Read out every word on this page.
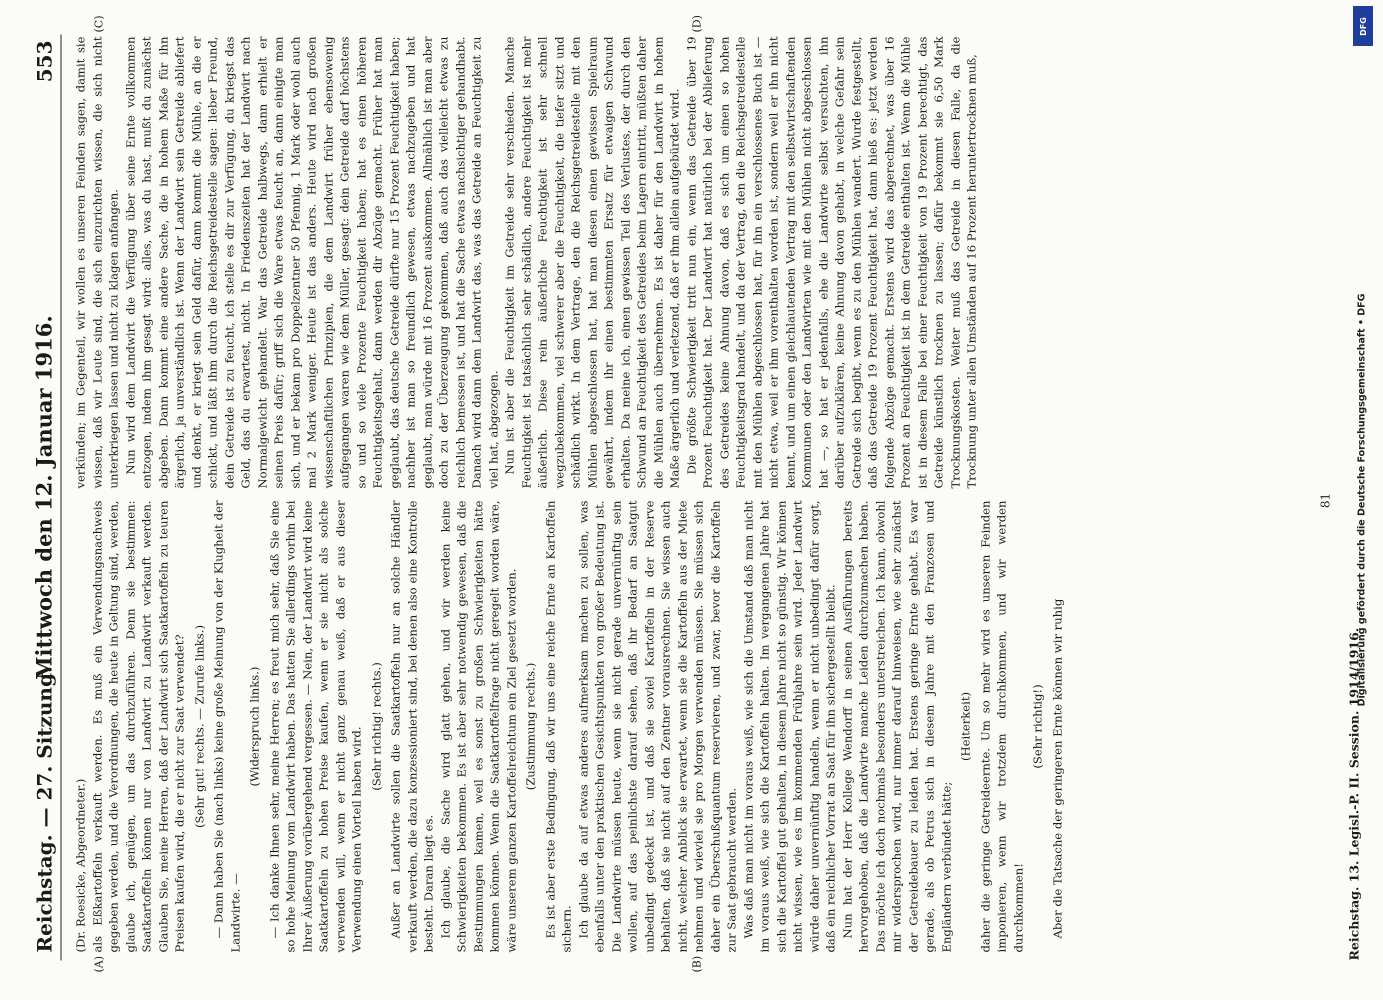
Reichstag. — 27. Sitzung.
Mittwoch den 12. Januar 1916.
553
(A)	(B)
(C)	(D)

(Dr. Roesicke, Abgeordneter.) als Eßkartoffeln verkauft werden. Es muß ein Verwendungsnachweis gegeben werden, und die Verordnungen, die heute in Geltung sind, werden, glaube ich, genügen, um das durchzuführen. Denn sie bestimmen: Saatkartoffeln können nur von Landwirt zu Landwirt verkauft werden. Glauben Sie, meine Herren, daß der Landwirt sich Saatkartoffeln zu teuren Preisen kaufen wird, die er nicht zur Saat verwendet? (Sehr gut! rechts. — Zurufe links.) — Dann haben Sie (nach links) keine große Meinung von der Klugheit der Landwirte. —

(Widerspruch links.) — Ich danke Ihnen sehr, meine Herren; es freut mich sehr, daß Sie eine so hohe Meinung vom Landwirt haben. Das hatten Sie allerdings vorhin bei Ihrer Äußerung vorübergehend vergessen. — Nein, der Landwirt wird keine Saatkartoffeln zu hohen Preise kaufen, wenn er sie nicht als solche verwenden will, wenn er nicht ganz genau weiß, daß er aus dieser Verwendung einen Vorteil haben wird. (Sehr richtig! rechts.) Außer an Landwirte sollen die Saatkartoffeln nur an solche Händler verkauft werden, die dazu konzessioniert sind, bei denen also eine Kontrolle besteht. Daran liegt es. Ich glaube, die Sache wird glatt gehen, und wir werden keine Schwierigkeiten bekommen. Es ist aber sehr notwendig gewesen, daß die Bestimmungen kamen, weil es sonst zu großen Schwierigkeiten hätte kommen können. Wenn die Saatkartoffelfrage nicht geregelt worden wäre, wäre unserem ganzen Kartoffelreichtum ein Ziel gesetzt worden. (Zustimmung rechts.) Es ist aber erste Bedingung, daß wir uns eine reiche Ernte an Kartoffeln sichern. Ich glaube da auf etwas anderes aufmerksam machen zu sollen, was ebenfalls unter den praktischen Gesichtspunkten von großer Bedeutung ist. Die Landwirte müssen heute, wenn sie nicht gerade unvernünftig sein wollen, auf das peinlichste darauf sehen, daß ihr Bedarf an Saatgut unbedingt gedeckt ist, und daß sie soviel Kartoffeln in der Reserve behalten, daß sie nicht auf den Zentner vorausrechnen. Sie wissen auch nicht, welcher Anblick sie erwartet, wenn sie die Kartoffeln aus der Miete nehmen und wieviel sie pro Morgen verwenden müssen. Sie müssen sich daher ein Überschußquantum reservieren, und zwar, bevor die Kartoffeln zur Saat gebraucht werden. Was daß man nicht im voraus weiß, wie sich die Umstand daß man nicht im voraus weiß, wie sich die Kartoffeln halten. Im vergangenen Jahre hat sich die Kartoffel gut gehalten, in diesem Jahre nicht so günstig. Wir können nicht wissen, wie es im kommenden Frühjahre sein wird. Jeder Landwirt würde daher unvernünftig handeln, wenn er nicht unbedingt dafür sorgt, daß ein reichlicher Vorrat an Saat für ihn sichergestellt bleibt. Nun hat der Herr Kollege Wendorff in seinen Ausführungen bereits hervorgehoben, daß die Landwirte manche Leiden durchzumachen haben. Das möchte ich doch nochmals besonders unterstreichen. Ich kann, obwohl mir widersprochen wird, nur immer darauf hinweisen, wie sehr zunächst der Getreidebauer zu leiden hat. Erstens geringe Ernte gehabt. Es war gerade, als ob Petrus sich in diesem Jahre mit den Franzosen und Engländern verbündet hätte;

(Heiterkeit) daher die geringe Getreideernte. Um so mehr wird es unseren Feinden imponieren, wenn wir trotzdem durchkommen, und wir werden durchkommen!

(Sehr richtig!) Aber die Tatsache der geringeren Ernte können wir ruhig

verkünden; im Gegenteil, wir wollen es unseren Feinden sagen, damit sie wissen, daß wir Leute sind, die sich einzurichten wissen, die sich nicht unterkriegen lassen und nicht zu klagen anfangen. Nun wird dem Landwirt die Verfügung über seine Ernte vollkommen entzogen, indem ihm gesagt wird: alles, was du hast, mußt du zunächst abgeben. Dann kommt eine andere Sache, die in hohem Maße für ihn ärgerlich, ja unverständlich ist. Wenn der Landwirt sein Getreide abliefert und denkt, er kriegt sein Geld dafür, dann kommt die Mühle, an die er schickt, und läßt ihm durch die Reichsgetreidestelle sagen: lieber Freund, dein Getreide ist zu feucht, ich stelle es dir zur Verfügung, du kriegst das Geld, das du erwartest, nicht. In Friedenszeiten hat der Landwirt nach Normalgewicht gehandelt. War das Getreide halbwegs, dann erhielt er seinen Preis dafür; griff sich die Ware etwas feucht an, dann einigte man sich, und er bekam pro Doppelzentner 50 Pfennig, 1 Mark oder wohl auch mal 2 Mark weniger. Heute ist das anders. Heute wird nach großen wissenschaftlichen Prinzipien, die dem Landwirt früher ebensowenig aufgegangen waren wie dem Müller, gesagt: dein Getreide darf höchstens so und so viele Prozente Feuchtigkeit haben; hat es einen höheren Feuchtigkeitsgehalt, dann werden dir Abzüge gemacht. Früher hat man geglaubt, das deutsche Getreide dürfte nur 15 Prozent Feuchtigkeit haben; nachher ist man so freundlich gewesen, etwas nachzugeben und hat geglaubt, man würde mit 16 Prozent auskommen. Allmählich ist man aber doch zu der Überzeugung gekommen, daß auch das vielleicht etwas zu reichlich bemessen ist, und hat die Sache etwas nachsichtiger gehandhabt. Danach wird dann dem Landwirt das, was das Getreide an Feuchtigkeit zu viel hat, abgezogen. Nun ist aber die Feuchtigkeit im Getreide sehr verschieden. Manche Feuchtigkeit ist tatsächlich sehr schädlich, andere Feuchtigkeit ist mehr äußerlich. Diese rein äußerliche Feuchtigkeit ist sehr schnell wegzubekommen, viel schwerer aber die Feuchtigkeit, die tiefer sitzt und schädlich wirkt. In dem Vertrage, den die Reichsgetreidestelle mit den Mühlen abgeschlossen hat, hat man diesen einen gewissen Spielraum gewährt, indem ihr einen bestimmten Ersatz für etwaigen Schwund erhalten. Da meine ich, einen gewissen Teil des Verlustes, der durch den Schwund an Feuchtigkeit des Getreides beim Lagern eintritt, müßten daher die Mühlen auch übernehmen. Es ist daher für den Landwirt in hohem Maße ärgerlich und verletzend, daß er ihm allein aufgebürdet wird. Die größte Schwierigkeit tritt nun ein, wenn das Getreide über 19 Prozent Feuchtigkeit hat. Der Landwirt hat natürlich bei der Ablieferung des Getreides keine Ahnung davon, daß es sich um einen so hohen Feuchtigkeitsgrad handelt, und da der Vertrag, den die Reichsgetreidestelle mit den Mühlen abgeschlossen hat, für ihn ein verschlossenes Buch ist — nicht etwa, weil er ihm vorenthalten worden ist, sondern weil er ihn nicht kennt, und um einen gleichlautenden Vertrag mit den selbstwirtschaftenden Kommunen oder den Landwirten wie mit den Mühlen nicht abgeschlossen hat —, so hat er jedenfalls, ehe die Landwirte selbst versuchten, ihn darüber aufzuklären, keine Ahnung davon gehabt, in welche Gefahr sein Getreide sich begibt, wenn es zu den Mühlen wandert. Wurde festgestellt, daß das Getreide 19 Prozent Feuchtigkeit hat, dann hieß es: jetzt werden folgende Abzüge gemacht. Erstens wird das abgerechnet, was über 16 Prozent an Feuchtigkeit ist in dem Getreide enthalten ist. Wenn die Mühle ist in diesem Falle bei einer Feuchtigkeit von 19 Prozent berechtigt, das Getreide künstlich trocknen zu lassen; dafür bekommt sie 6,50 Mark Trocknungskosten. Weiter muß das Getreide in diesen Falle, da die Trocknung unter allen Umständen auf 16 Prozent heruntertrocknen muß,

81
Reichstag. 13. Legisl.-P. II. Session. 1914/1916.
Digitalisierung gefördert durch die Deutsche Forschungsgemeinschaft • DFG
DFG
